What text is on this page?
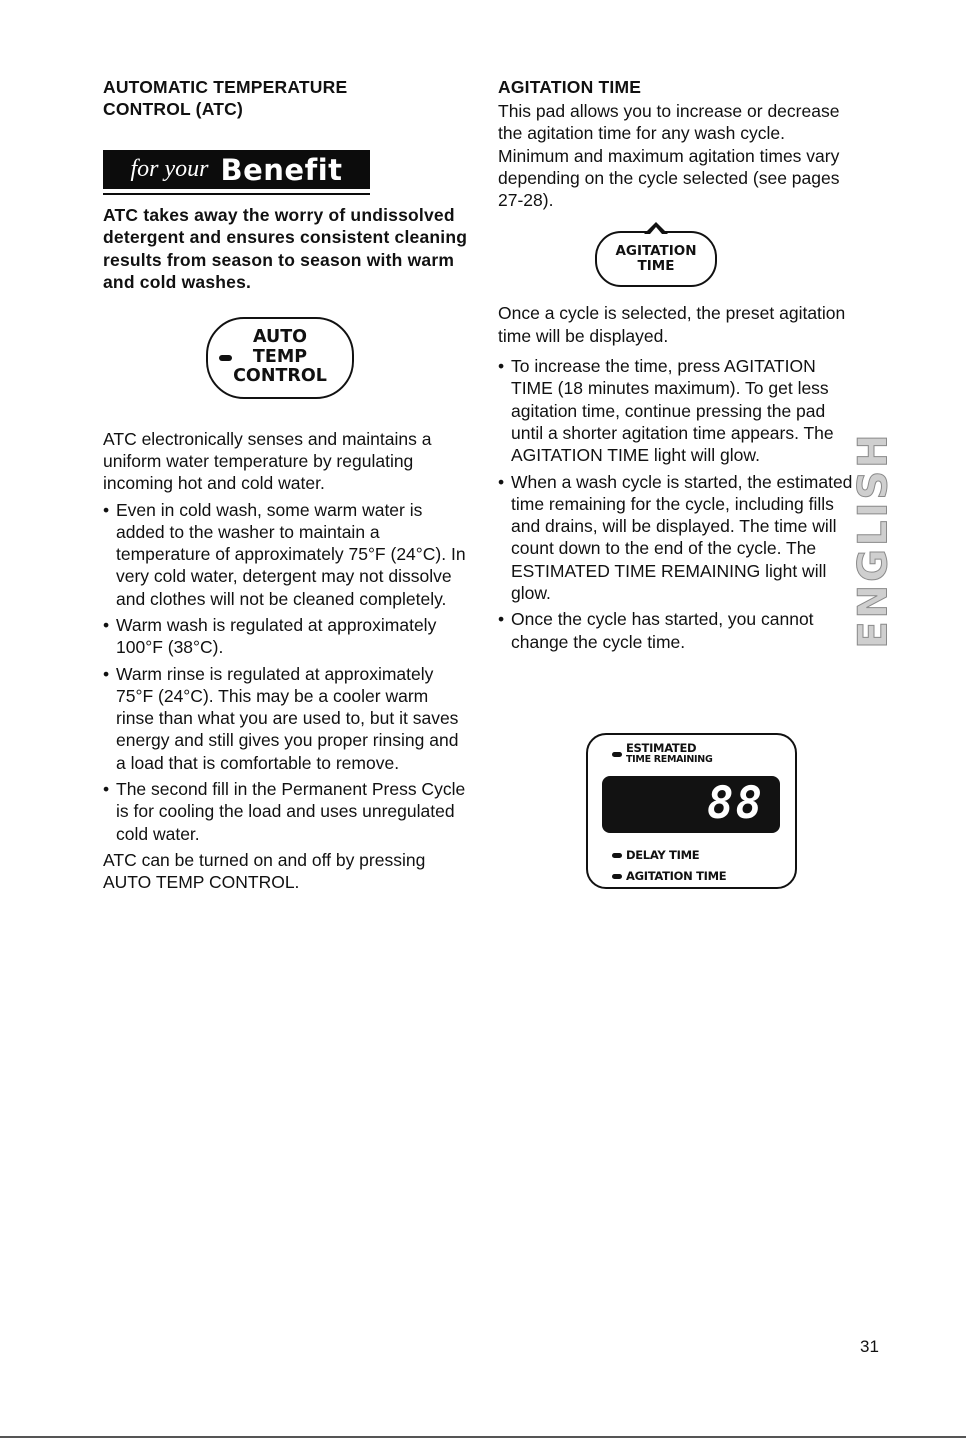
AUTOMATIC TEMPERATURE

CONTROL (ATC)

for your Benefit

ATC takes away the worry of undissolved detergent and ensures consistent cleaning results from season to season with warm and cold washes.

AUTO
TEMP
CONTROL

ATC electronically senses and maintains a uniform water temperature by regulating incoming hot and cold water.

• Even in cold wash, some warm water is added to the washer to maintain a temperature of approximately 75°F (24°C). In very cold water, detergent may not dissolve and clothes will not be cleaned completely.
• Warm wash is regulated at approximately 100°F (38°C).
• Warm rinse is regulated at approximately 75°F (24°C). This may be a cooler warm rinse than what you are used to, but it saves energy and still gives you proper rinsing and a load that is comfortable to remove.
• The second fill in the Permanent Press Cycle is for cooling the load and uses unregulated cold water.

ATC can be turned on and off by pressing AUTO TEMP CONTROL.

AGITATION TIME

This pad allows you to increase or decrease the agitation time for any wash cycle. Minimum and maximum agitation times vary depending on the cycle selected (see pages 27-28).

AGITATION
TIME

Once a cycle is selected, the preset agitation time will be displayed.

• To increase the time, press AGITATION TIME (18 minutes maximum). To get less agitation time, continue pressing the pad until a shorter agitation time appears. The AGITATION TIME light will glow.
• When a wash cycle is started, the estimated time remaining for the cycle, including fills and drains, will be displayed. The time will count down to the end of the cycle. The ESTIMATED TIME REMAINING light will glow.
• Once the cycle has started, you cannot change the cycle time.
ESTIMATED
TIME REMAINING
88
DELAY TIME
AGITATION TIME
ENGLISH
31
